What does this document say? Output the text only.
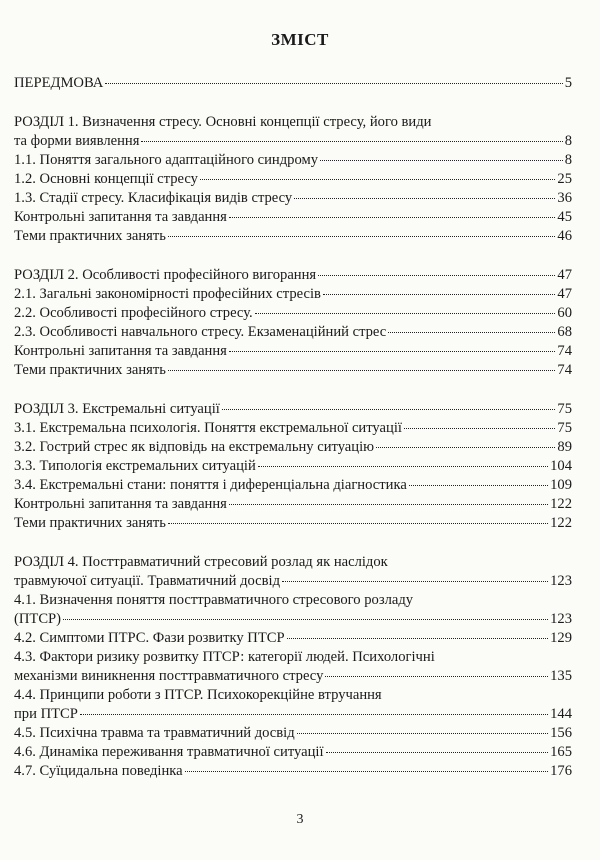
ЗМІСТ
ПЕРЕДМОВА	5
РОЗДІЛ 1. Визначення стресу. Основні концепції стресу, його види
та форми виявлення	8
1.1. Поняття загального адаптаційного синдрому	8
1.2. Основні концепції стресу	25
1.3. Стадії стресу. Класифікація видів стресу	36
Контрольні запитання та завдання	45
Теми практичних занять	46
РОЗДІЛ 2. Особливості професійного вигорання	47
2.1. Загальні закономірності професійних стресів	47
2.2. Особливості професійного стресу.	60
2.3. Особливості навчального стресу. Екзаменаційний стрес	68
Контрольні запитання та завдання	74
Теми практичних занять	74
РОЗДІЛ 3. Екстремальні ситуації	75
3.1. Екстремальна психологія. Поняття екстремальної ситуації	75
3.2. Гострий стрес як відповідь на екстремальну ситуацію	89
3.3. Типологія екстремальних ситуацій	104
3.4. Екстремальні стани: поняття і диференціальна діагностика	109
Контрольні запитання та завдання	122
Теми практичних занять	122
РОЗДІЛ 4. Посттравматичний стресовий розлад як наслідок
травмуючої ситуації. Травматичний досвід	123
4.1. Визначення поняття посттравматичного стресового розладу
(ПТСР)	123
4.2. Симптоми ПТРС. Фази розвитку ПТСР	129
4.3. Фактори ризику розвитку ПТСР: категорії людей. Психологічні
механізми виникнення посттравматичного стресу	135
4.4. Принципи роботи з ПТСР. Психокорекційне втручання
при ПТСР	144
4.5. Психічна травма та травматичний досвід	156
4.6. Динаміка переживання травматичної ситуації	165
4.7. Суїцидальна поведінка	176
3
